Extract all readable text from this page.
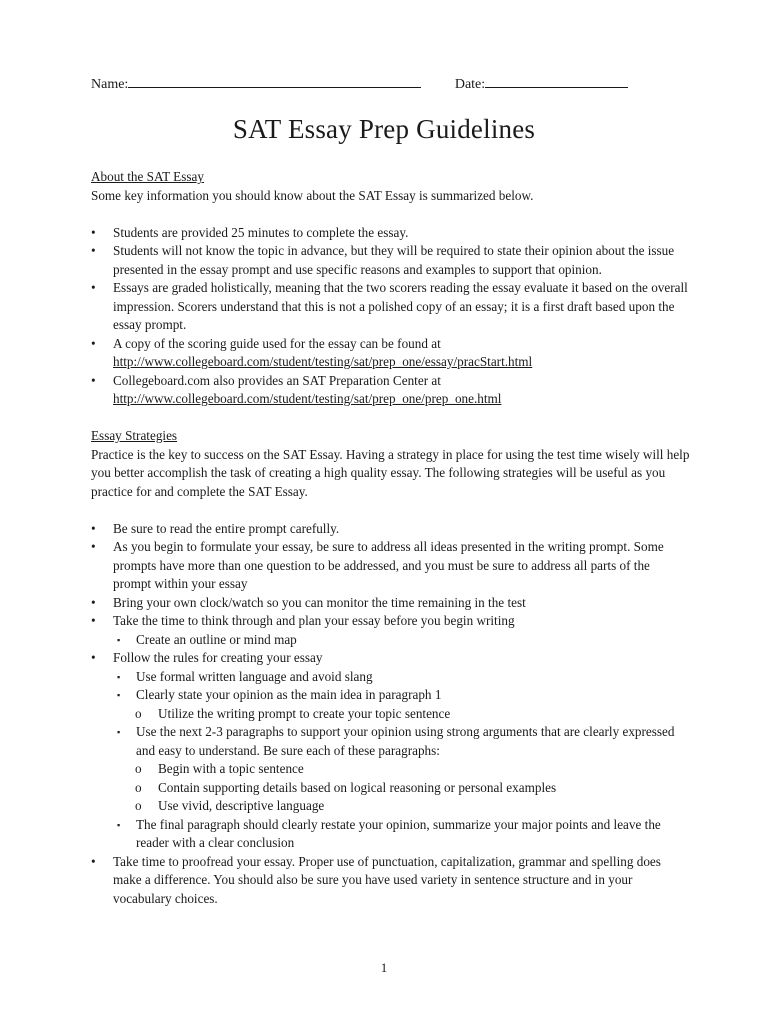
Name:	Date:
SAT Essay Prep Guidelines

About the SAT Essay

Some key information you should know about the SAT Essay is summarized below.

• Students are provided 25 minutes to complete the essay.
• Students will not know the topic in advance, but they will be required to state their opinion about the issue presented in the essay prompt and use specific reasons and examples to support that opinion.
• Essays are graded holistically, meaning that the two scorers reading the essay evaluate it based on the overall impression. Scorers understand that this is not a polished copy of an essay; it is a first draft based upon the essay prompt.
• A copy of the scoring guide used for the essay can be found at
http://www.collegeboard.com/student/testing/sat/prep_one/essay/pracStart.html
• Collegeboard.com also provides an SAT Preparation Center at
http://www.collegeboard.com/student/testing/sat/prep_one/prep_one.html

Essay Strategies

Practice is the key to success on the SAT Essay. Having a strategy in place for using the test time wisely will help you better accomplish the task of creating a high quality essay. The following strategies will be useful as you practice for and complete the SAT Essay.

• Be sure to read the entire prompt carefully.
• As you begin to formulate your essay, be sure to address all ideas presented in the writing prompt. Some prompts have more than one question to be addressed, and you must be sure to address all parts of the prompt within your essay
• Bring your own clock/watch so you can monitor the time remaining in the test
• Take the time to think through and plan your essay before you begin writing
▪ Create an outline or mind map
• Follow the rules for creating your essay
▪ Use formal written language and avoid slang
▪ Clearly state your opinion as the main idea in paragraph 1
o Utilize the writing prompt to create your topic sentence
▪ Use the next 2-3 paragraphs to support your opinion using strong arguments that are clearly expressed and easy to understand. Be sure each of these paragraphs:
o Begin with a topic sentence
o Contain supporting details based on logical reasoning or personal examples
o Use vivid, descriptive language
▪ The final paragraph should clearly restate your opinion, summarize your major points and leave the reader with a clear conclusion
• Take time to proofread your essay. Proper use of punctuation, capitalization, grammar and spelling does make a difference. You should also be sure you have used variety in sentence structure and in your vocabulary choices.
1
